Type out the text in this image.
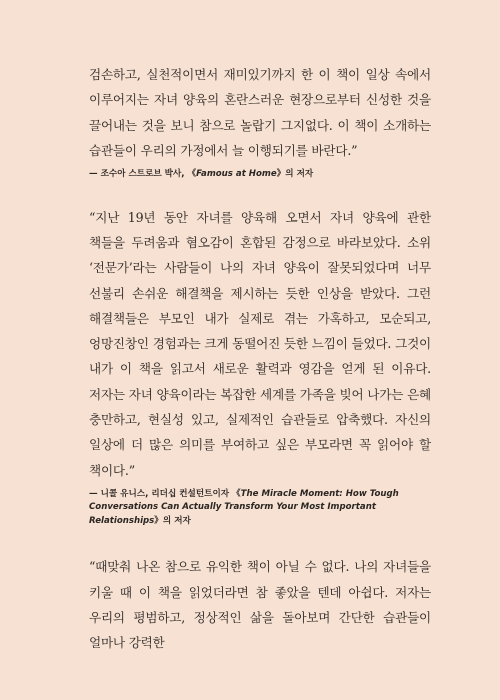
검손하고, 실천적이면서 재미있기까지 한 이 책이 일상 속에서 이루어지는 자녀 양육의 혼란스러운 현장으로부터 신성한 것을 끌어내는 것을 보니 참으로 놀랍기 그지없다. 이 책이 소개하는 습관들이 우리의 가정에서 늘 이행되기를 바란다.”

— 조수아 스트로브 박사, 《Famous at Home》의 저자

“지난 19년 동안 자녀를 양육해 오면서 자녀 양육에 관한 책들을 두려움과 혐오감이 혼합된 감정으로 바라보았다. 소위 ‘전문가’라는 사람들이 나의 자녀 양육이 잘못되었다며 너무 선불리 손쉬운 해결책을 제시하는 듯한 인상을 받았다. 그런 해결책들은 부모인 내가 실제로 겪는 가혹하고, 모순되고, 엉망진창인 경험과는 크게 동떨어진 듯한 느낌이 들었다. 그것이 내가 이 책을 읽고서 새로운 활력과 영감을 얻게 된 이유다. 저자는 자녀 양육이라는 복잡한 세계를 가족을 빚어 나가는 은혜 충만하고, 현실성 있고, 실제적인 습관들로 압축했다. 자신의 일상에 더 많은 의미를 부여하고 싶은 부모라면 꼭 읽어야 할 책이다.”

— 니콜 유니스, 리더십 컨설턴트이자 《The Miracle Moment: How Tough Conversations Can Actually Transform Your Most Important Relationships》의 저자

“때맞춰 나온 참으로 유익한 책이 아닐 수 없다. 나의 자녀들을 키울 때 이 책을 읽었더라면 참 좋았을 텐데 아쉽다. 저자는 우리의 평범하고, 정상적인 삶을 돌아보며 간단한 습관들이 얼마나 강력한
